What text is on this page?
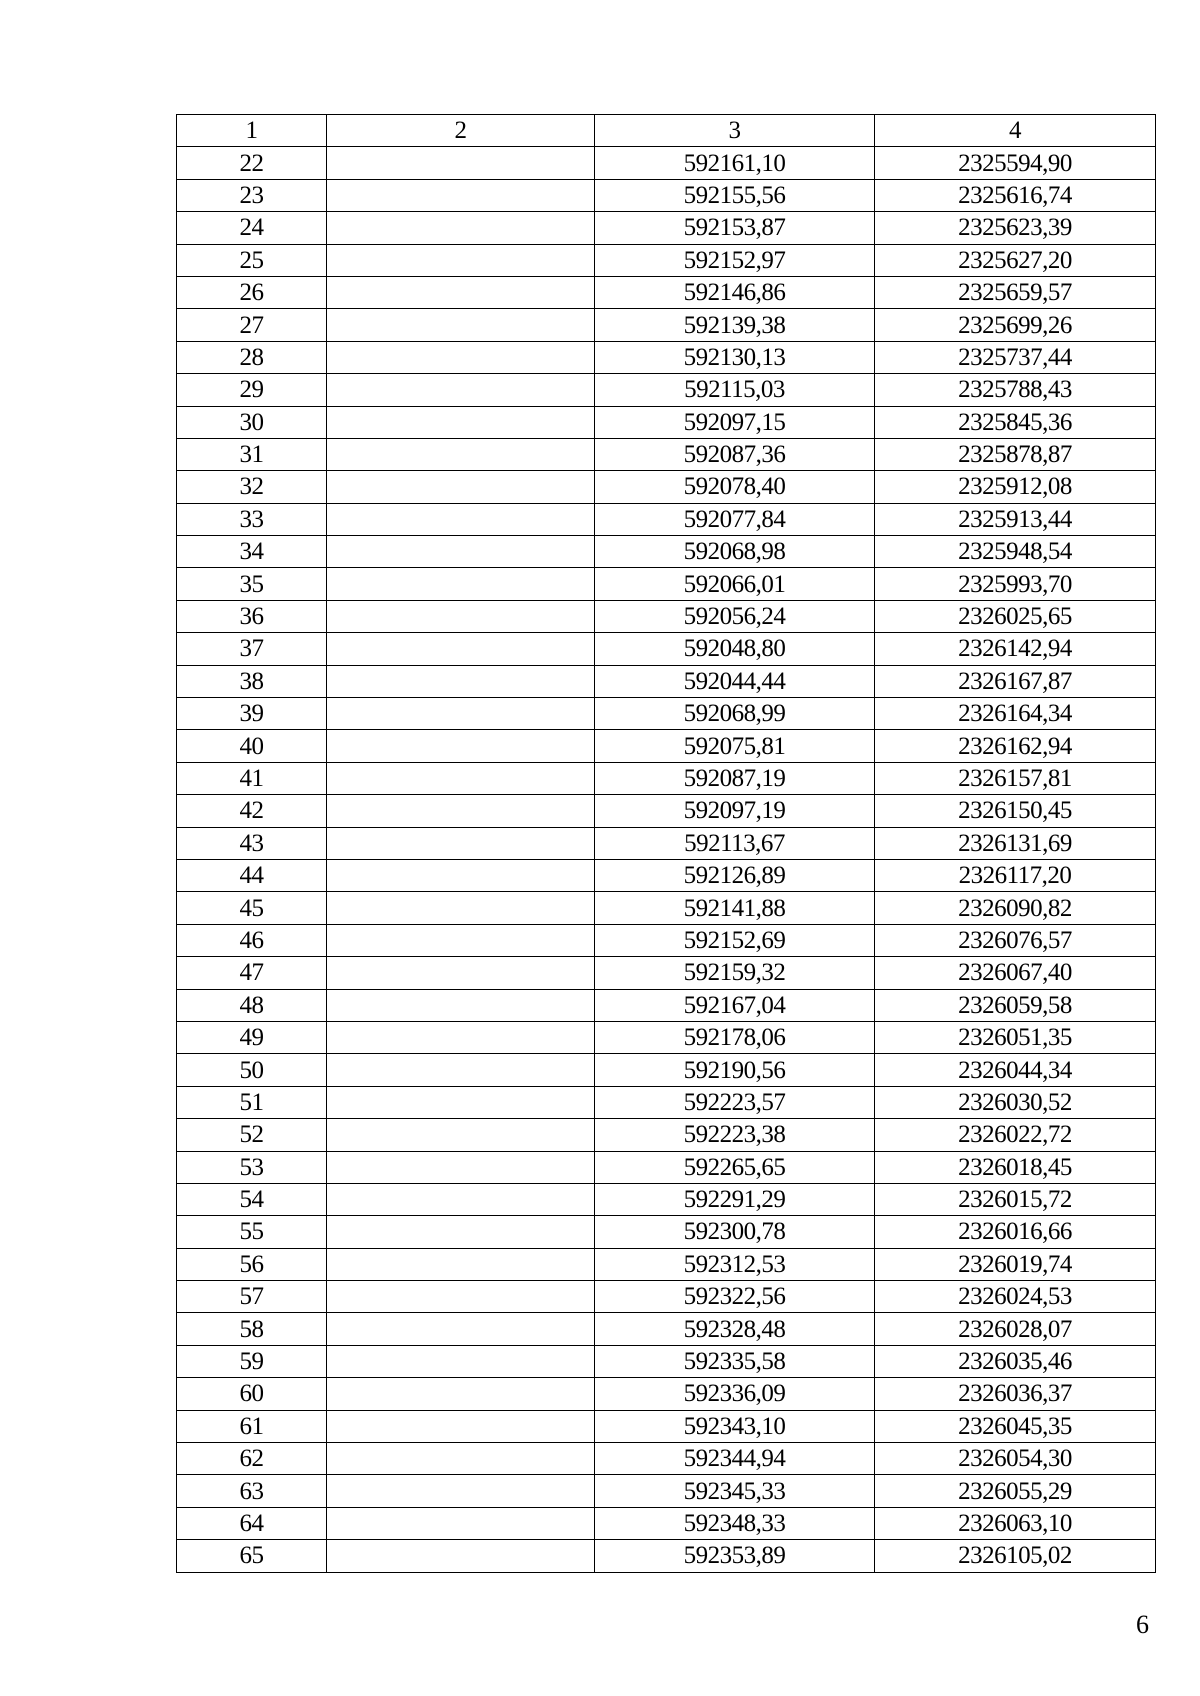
1	2	3	4
22		592161,10	2325594,90
23		592155,56	2325616,74
24		592153,87	2325623,39
25		592152,97	2325627,20
26		592146,86	2325659,57
27		592139,38	2325699,26
28		592130,13	2325737,44
29		592115,03	2325788,43
30		592097,15	2325845,36
31		592087,36	2325878,87
32		592078,40	2325912,08
33		592077,84	2325913,44
34		592068,98	2325948,54
35		592066,01	2325993,70
36		592056,24	2326025,65
37		592048,80	2326142,94
38		592044,44	2326167,87
39		592068,99	2326164,34
40		592075,81	2326162,94
41		592087,19	2326157,81
42		592097,19	2326150,45
43		592113,67	2326131,69
44		592126,89	2326117,20
45		592141,88	2326090,82
46		592152,69	2326076,57
47		592159,32	2326067,40
48		592167,04	2326059,58
49		592178,06	2326051,35
50		592190,56	2326044,34
51		592223,57	2326030,52
52		592223,38	2326022,72
53		592265,65	2326018,45
54		592291,29	2326015,72
55		592300,78	2326016,66
56		592312,53	2326019,74
57		592322,56	2326024,53
58		592328,48	2326028,07
59		592335,58	2326035,46
60		592336,09	2326036,37
61		592343,10	2326045,35
62		592344,94	2326054,30
63		592345,33	2326055,29
64		592348,33	2326063,10
65		592353,89	2326105,02
6
